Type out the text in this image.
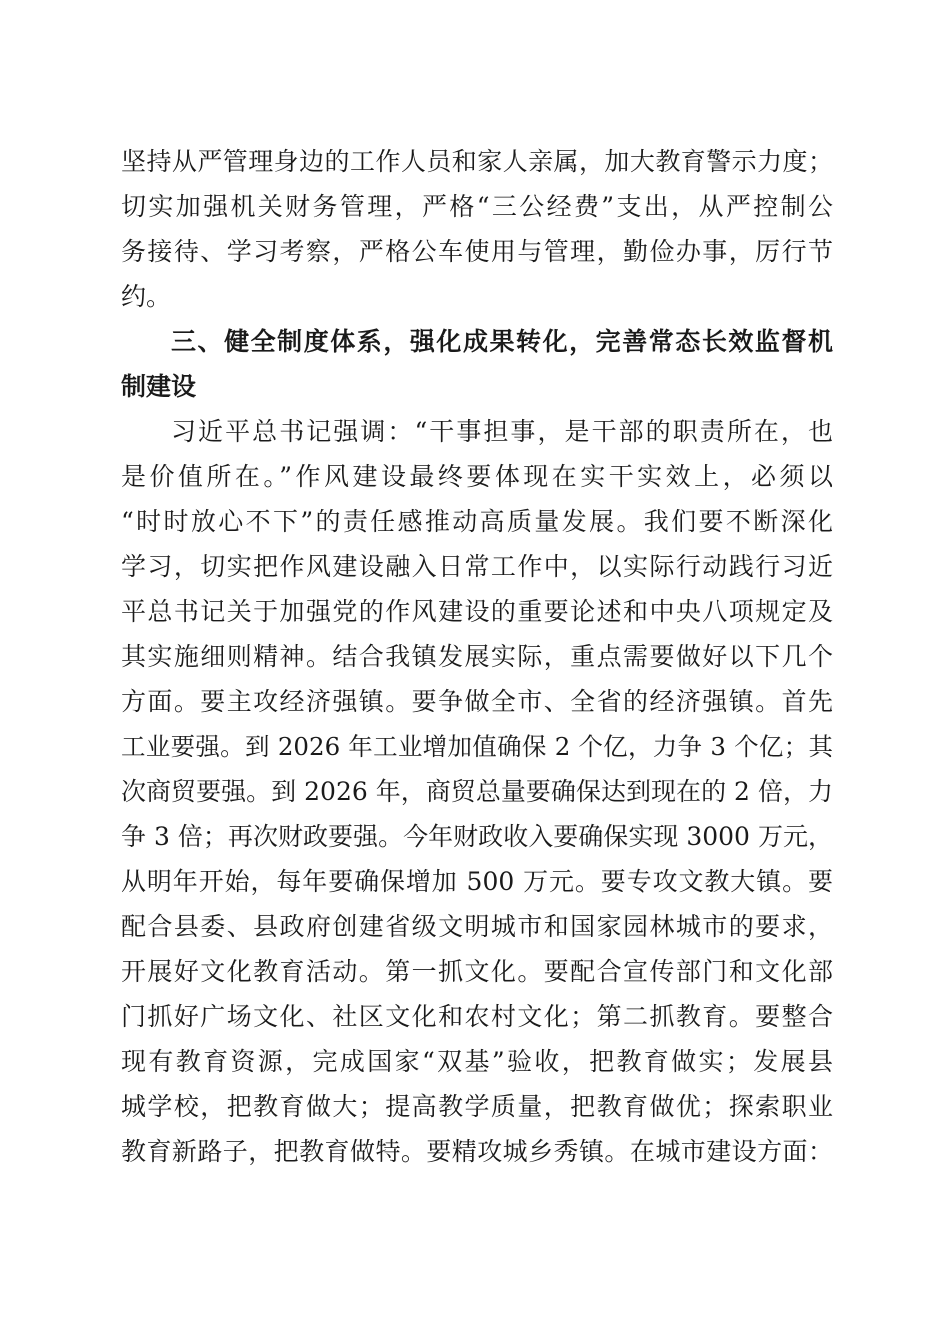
坚持从严管理身边的工作人员和家人亲属，加大教育警示力度；
切实加强机关财务管理，严格“三公经费”支出，从严控制公
务接待、学习考察，严格公车使用与管理，勤俭办事，厉行节
约。
三、健全制度体系，强化成果转化，完善常态长效监督机
制建设
习近平总书记强调：“干事担事，是干部的职责所在，也
是价值所在。”作风建设最终要体现在实干实效上，必须以
“时时放心不下”的责任感推动高质量发展。我们要不断深化
学习，切实把作风建设融入日常工作中，以实际行动践行习近
平总书记关于加强党的作风建设的重要论述和中央八项规定及
其实施细则精神。结合我镇发展实际，重点需要做好以下几个
方面。要主攻经济强镇。要争做全市、全省的经济强镇。首先
工业要强。到 2026 年工业增加值确保 2 个亿，力争 3 个亿；其
次商贸要强。到 2026 年，商贸总量要确保达到现在的 2 倍，力
争 3 倍；再次财政要强。今年财政收入要确保实现 3000 万元，
从明年开始，每年要确保增加 500 万元。要专攻文教大镇。要
配合县委、县政府创建省级文明城市和国家园林城市的要求，
开展好文化教育活动。第一抓文化。要配合宣传部门和文化部
门抓好广场文化、社区文化和农村文化；第二抓教育。要整合
现有教育资源，完成国家“双基”验收，把教育做实；发展县
城学校，把教育做大；提高教学质量，把教育做优；探索职业
教育新路子，把教育做特。要精攻城乡秀镇。在城市建设方面：
